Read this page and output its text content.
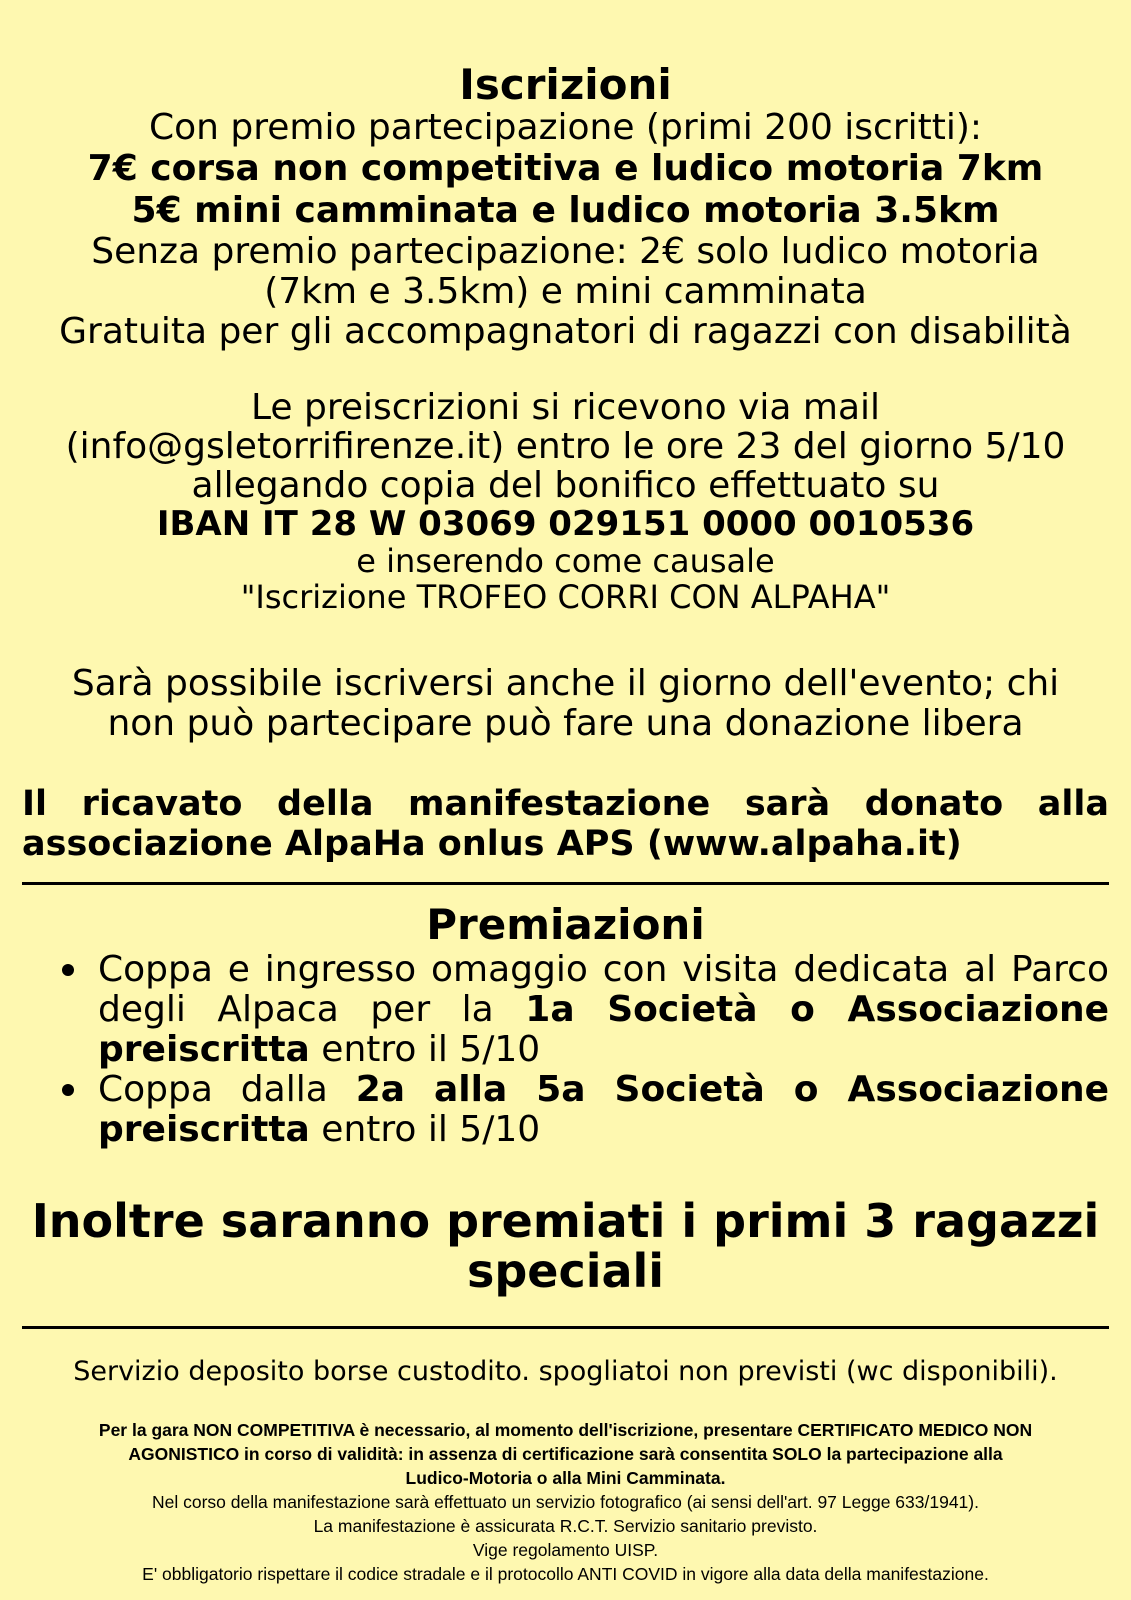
Iscrizioni

Con premio partecipazione (primi 200 iscritti):

7€ corsa non competitiva e ludico motoria 7km

5€ mini camminata e ludico motoria 3.5km

Senza premio partecipazione: 2€ solo ludico motoria

(7km e 3.5km) e mini camminata

Gratuita per gli accompagnatori di ragazzi con disabilità

Le preiscrizioni si ricevono via mail

(info@gsletorrifirenze.it) entro le ore 23 del giorno 5/10

allegando copia del bonifico effettuato su

IBAN IT 28 W 03069 029151 0000 0010536

e inserendo come causale

"Iscrizione TROFEO CORRI CON ALPAHA"

Sarà possibile iscriversi anche il giorno dell'evento; chi

non può partecipare può fare una donazione libera

Il ricavato della manifestazione sarà donato alla
associazione AlpaHa onlus APS (www.alpaha.it)

Premiazioni

Coppa e ingresso omaggio con visita dedicata al Parco degli Alpaca per la 1a Società o Associazione preiscritta entro il 5/10
Coppa dalla 2a alla 5a Società o Associazione preiscritta entro il 5/10

Inoltre saranno premiati i primi 3 ragazzi

speciali

Servizio deposito borse custodito. spogliatoi non previsti (wc disponibili).

Per la gara NON COMPETITIVA è necessario, al momento dell'iscrizione, presentare CERTIFICATO MEDICO NON

AGONISTICO in corso di validità: in assenza di certificazione sarà consentita SOLO la partecipazione alla

Ludico-Motoria o alla Mini Camminata.

Nel corso della manifestazione sarà effettuato un servizio fotografico (ai sensi dell'art. 97 Legge 633/1941).

La manifestazione è assicurata R.C.T. Servizio sanitario previsto.

Vige regolamento UISP.

E' obbligatorio rispettare il codice stradale e il protocollo ANTI COVID in vigore alla data della manifestazione.
